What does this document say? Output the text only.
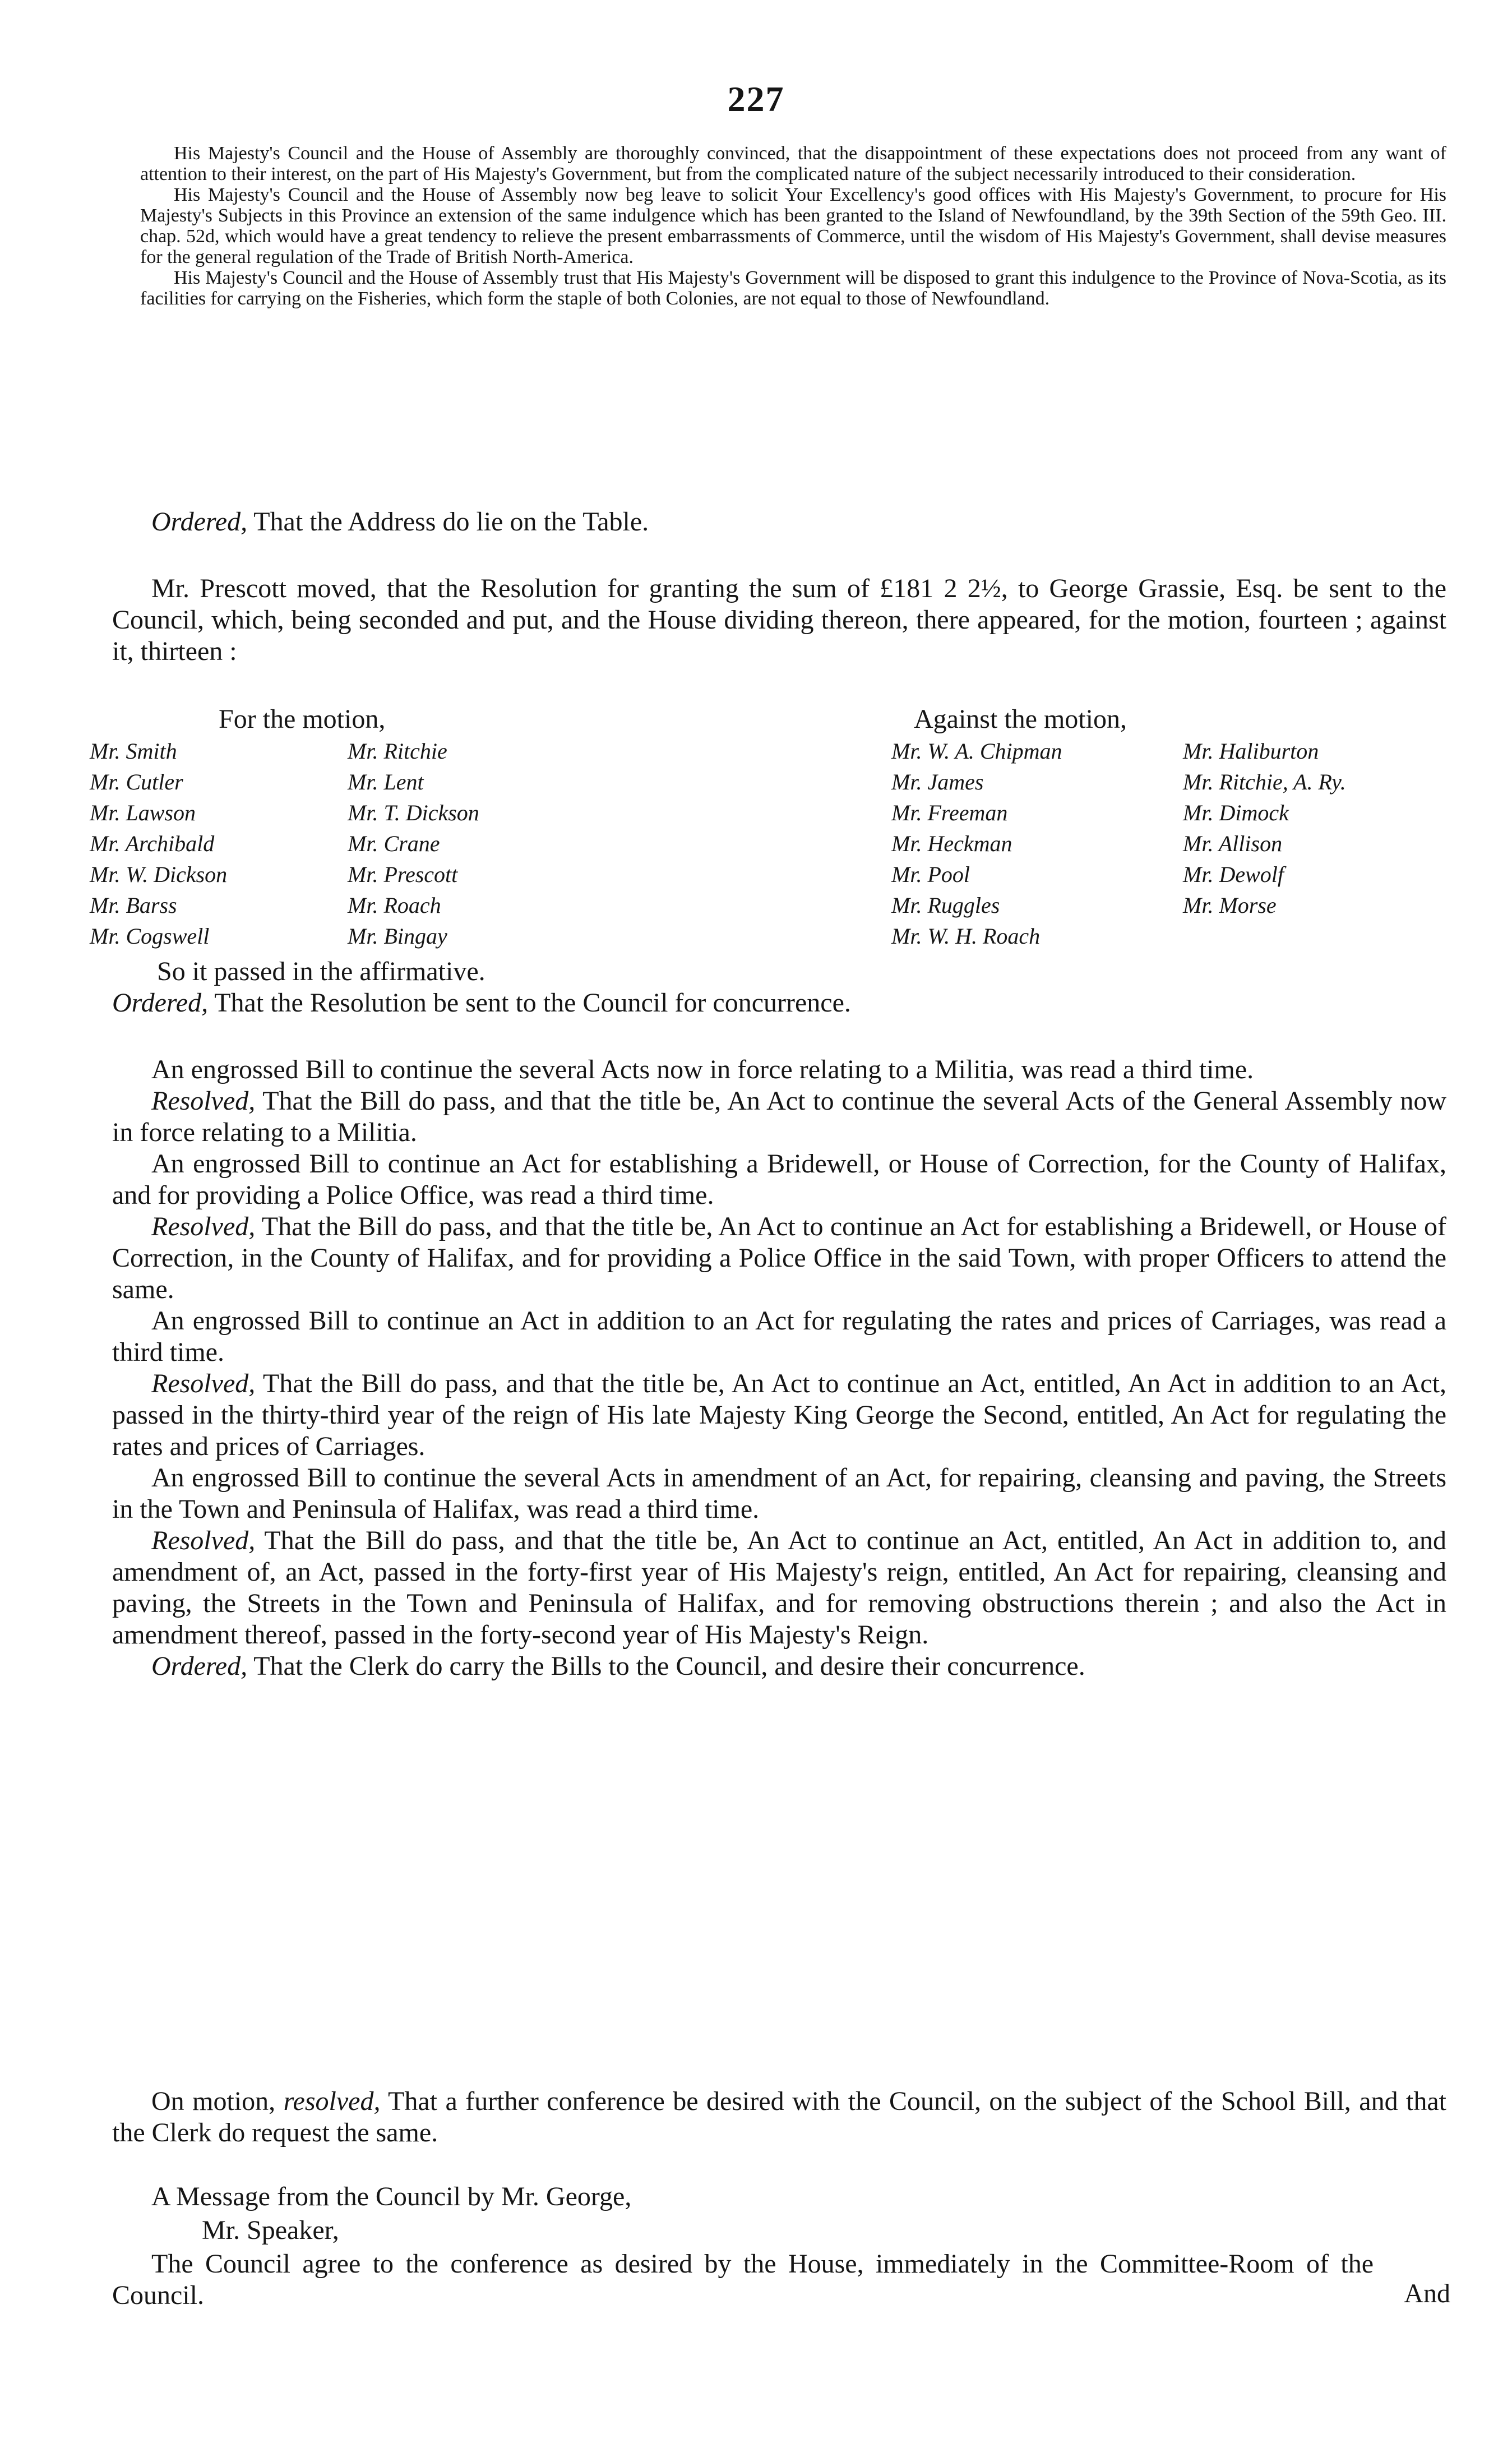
227

His Majesty's Council and the House of Assembly are thoroughly convinced, that the disappointment of these expectations does not proceed from any want of attention to their interest, on the part of His Majesty's Government, but from the complicated nature of the subject necessarily introduced to their consideration.

His Majesty's Council and the House of Assembly now beg leave to solicit Your Excellency's good offices with His Majesty's Government, to procure for His Majesty's Subjects in this Province an extension of the same indulgence which has been granted to the Island of Newfoundland, by the 39th Section of the 59th Geo. III. chap. 52d, which would have a great tendency to relieve the present embarrassments of Commerce, until the wisdom of His Majesty's Government, shall devise measures for the general regulation of the Trade of British North-America.

His Majesty's Council and the House of Assembly trust that His Majesty's Government will be disposed to grant this indulgence to the Province of Nova-Scotia, as its facilities for carrying on the Fisheries, which form the staple of both Colonies, are not equal to those of Newfoundland.

Ordered, That the Address do lie on the Table.

Mr. Prescott moved, that the Resolution for granting the sum of £181 2 2½, to George Grassie, Esq. be sent to the Council, which, being seconded and put, and the House dividing thereon, there appeared, for the motion, fourteen ; against it, thirteen :

For the motion,	Against the motion,
Mr. Smith
Mr. Cutler
Mr. Lawson
Mr. Archibald
Mr. W. Dickson
Mr. Barss
Mr. Cogswell
Mr. Ritchie
Mr. Lent
Mr. T. Dickson
Mr. Crane
Mr. Prescott
Mr. Roach
Mr. Bingay
Mr. W. A. Chipman
Mr. James
Mr. Freeman
Mr. Heckman
Mr. Pool
Mr. Ruggles
Mr. W. H. Roach
Mr. Haliburton
Mr. Ritchie, A. Ry.
Mr. Dimock
Mr. Allison
Mr. Dewolf
Mr. Morse

So it passed in the affirmative.

Ordered, That the Resolution be sent to the Council for concurrence.

An engrossed Bill to continue the several Acts now in force relating to a Militia, was read a third time.

Resolved, That the Bill do pass, and that the title be, An Act to continue the several Acts of the General Assembly now in force relating to a Militia.

An engrossed Bill to continue an Act for establishing a Bridewell, or House of Correction, for the County of Halifax, and for providing a Police Office, was read a third time.

Resolved, That the Bill do pass, and that the title be, An Act to continue an Act for establishing a Bridewell, or House of Correction, in the County of Halifax, and for providing a Police Office in the said Town, with proper Officers to attend the same.

An engrossed Bill to continue an Act in addition to an Act for regulating the rates and prices of Carriages, was read a third time.

Resolved, That the Bill do pass, and that the title be, An Act to continue an Act, entitled, An Act in addition to an Act, passed in the thirty-third year of the reign of His late Majesty King George the Second, entitled, An Act for regulating the rates and prices of Carriages.

An engrossed Bill to continue the several Acts in amendment of an Act, for repairing, cleansing and paving, the Streets in the Town and Peninsula of Halifax, was read a third time.

Resolved, That the Bill do pass, and that the title be, An Act to continue an Act, entitled, An Act in addition to, and amendment of, an Act, passed in the forty-first year of His Majesty's reign, entitled, An Act for repairing, cleansing and paving, the Streets in the Town and Peninsula of Halifax, and for removing obstructions therein ; and also the Act in amendment thereof, passed in the forty-second year of His Majesty's Reign.

Ordered, That the Clerk do carry the Bills to the Council, and desire their concurrence.

On motion, resolved, That a further conference be desired with the Council, on the subject of the School Bill, and that the Clerk do request the same.

A Message from the Council by Mr. George,

Mr. Speaker,

The Council agree to the conference as desired by the House, immediately in the Committee-Room of the Council.	And
